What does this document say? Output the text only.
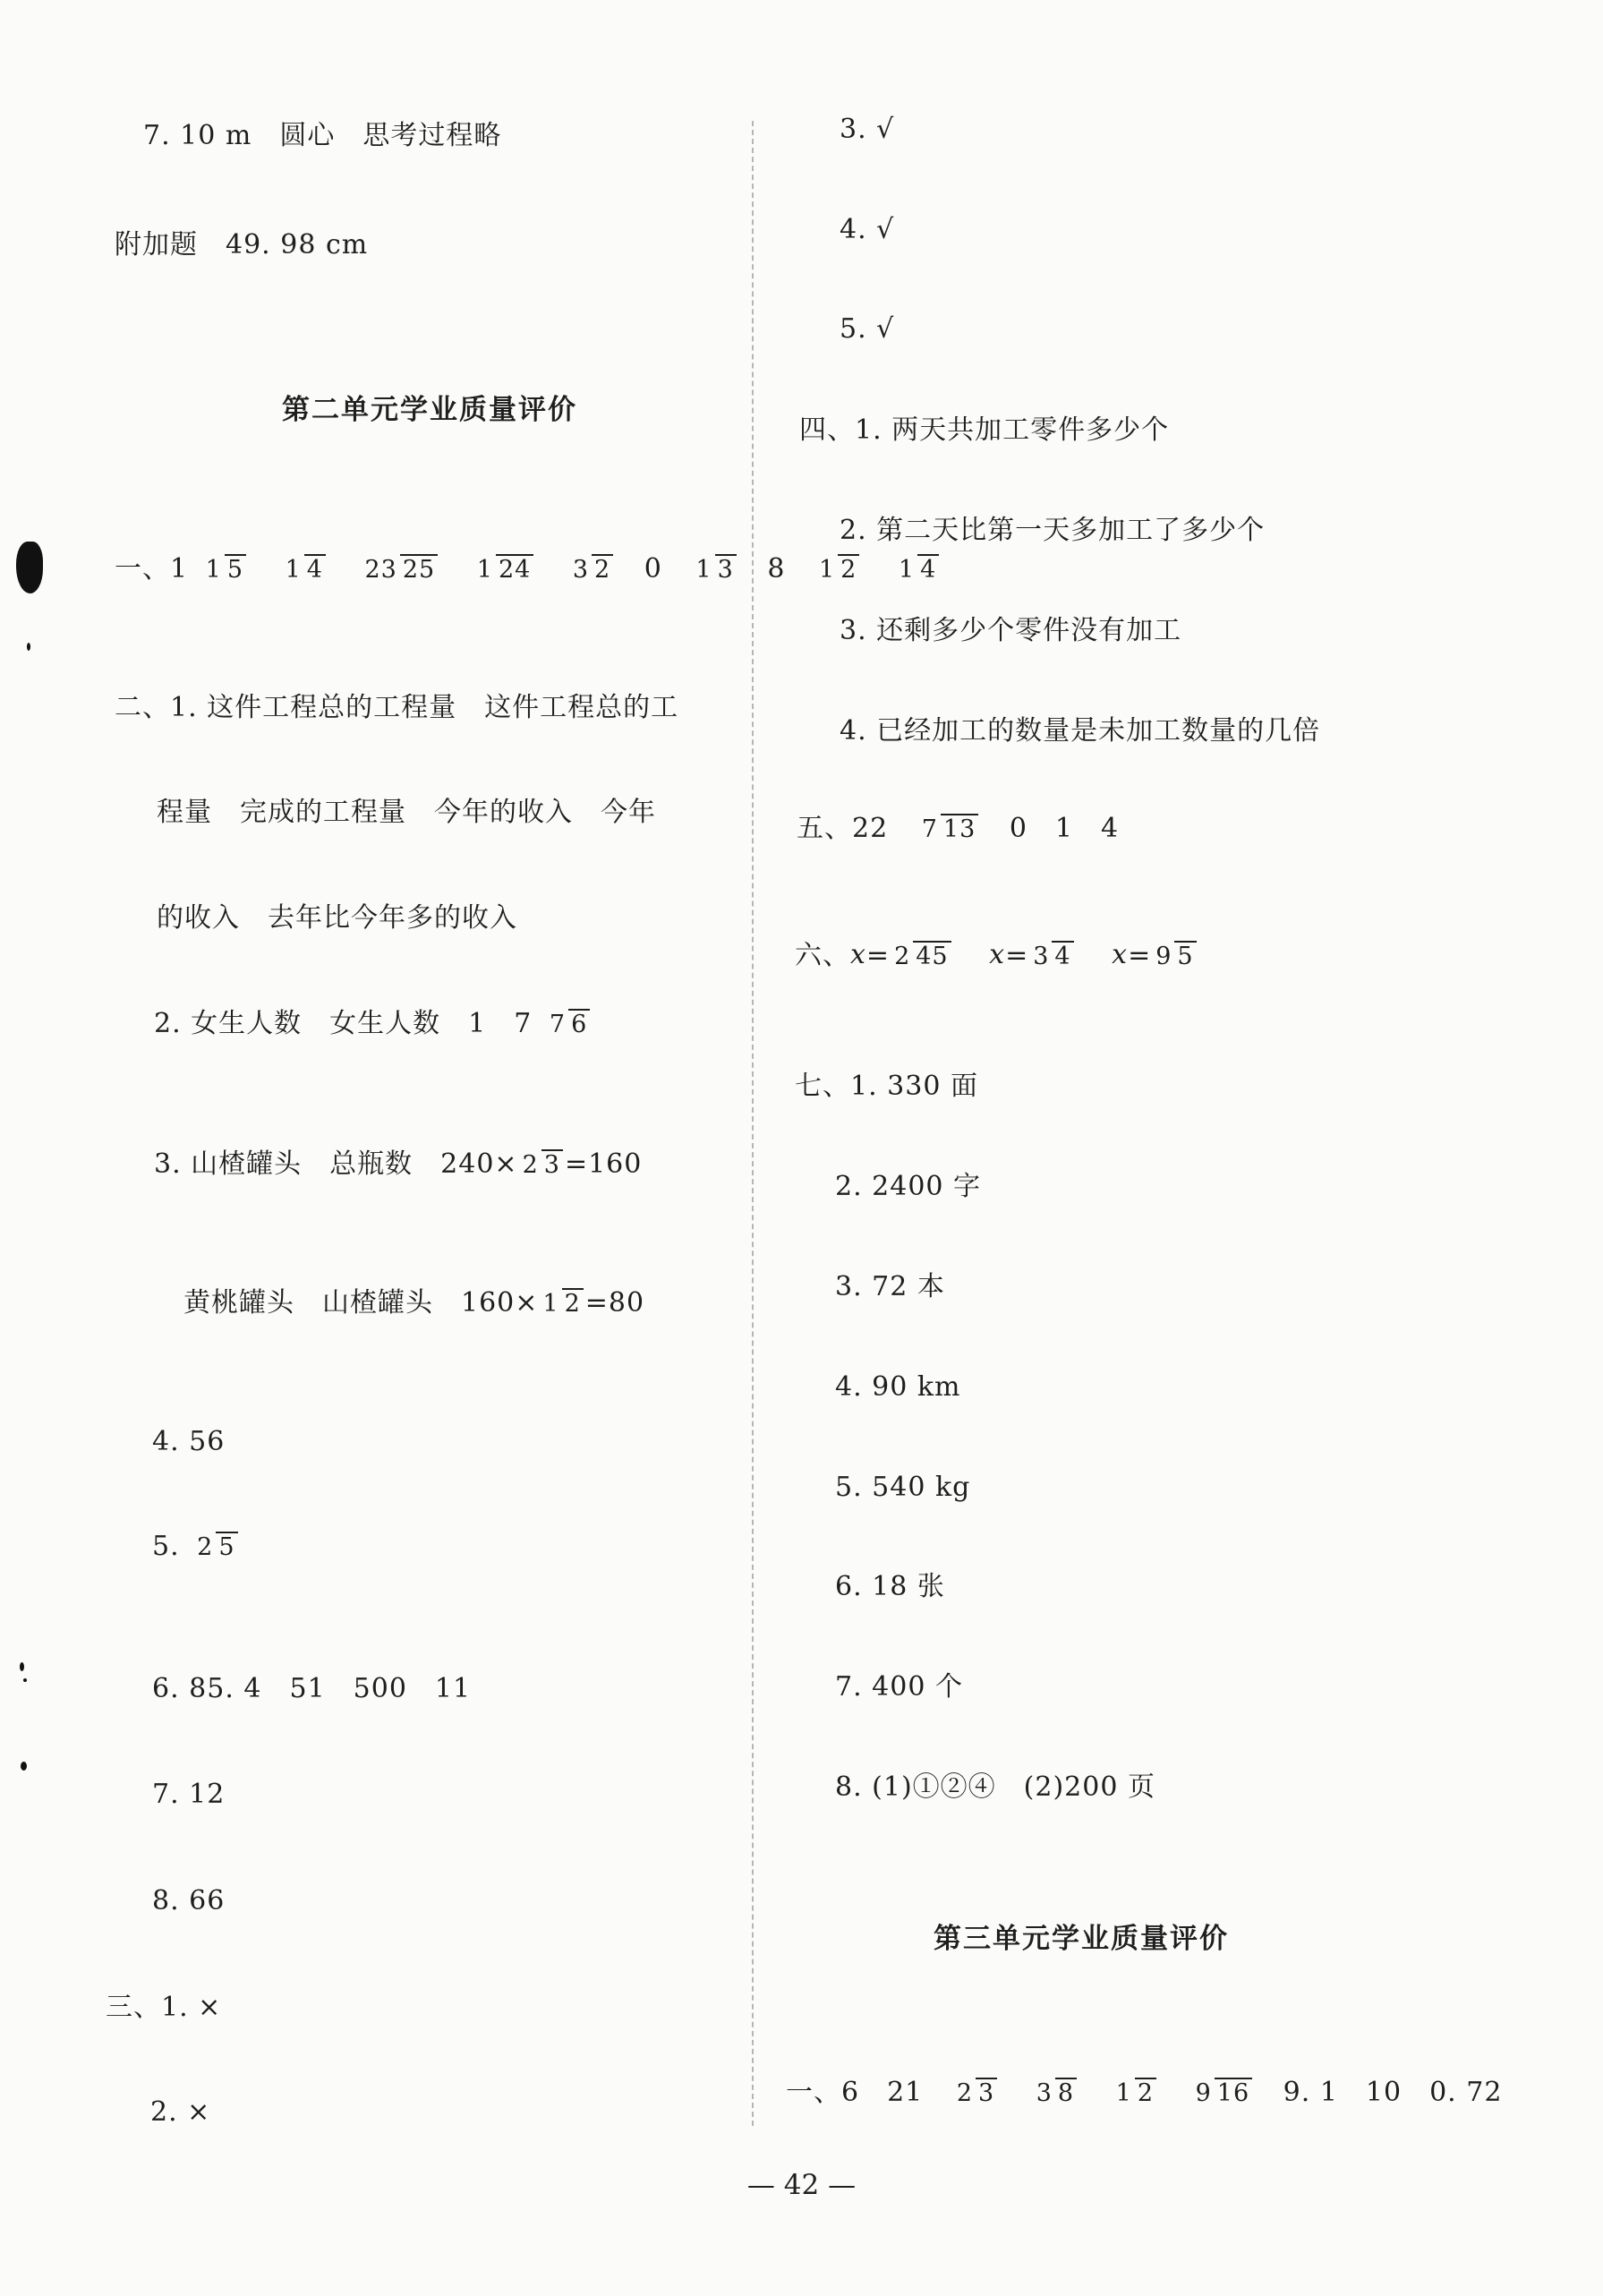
7. 10 m　圆心　思考过程略
附加题　49. 98 cm
第二单元学业质量评价
一、1 1 5 1 4 23 25 1 24 3 2 0 1 3 8 1 2 1 4
二、1. 这件工程总的工程量　这件工程总的工
程量　完成的工程量　今年的收入　今年
的收入　去年比今年多的收入
2. 女生人数　女生人数　1　7 7 6
3. 山楂罐头　总瓶数　240× 2 3 =160
黄桃罐头　山楂罐头　160× 1 2 =80
4. 56
5. 2 5
6. 85. 4　51　500　11
7. 12
8. 66
三、1. ×
2. ×
3. √
4. √
5. √
四、1. 两天共加工零件多少个
2. 第二天比第一天多加工了多少个
3. 还剩多少个零件没有加工
4. 已经加工的数量是未加工数量的几倍
五、22 7 13 0　1　4
六、x= 2 45 x= 3 4 x= 9 5
七、1. 330 面
2. 2400 字
3. 72 本
4. 90 km
5. 540 kg
6. 18 张
7. 400 个
8. (1)①②④　(2)200 页
第三单元学业质量评价
一、6　21 2 3 3 8 1 2 9 16 9. 1　10　0. 72
— 42 —
